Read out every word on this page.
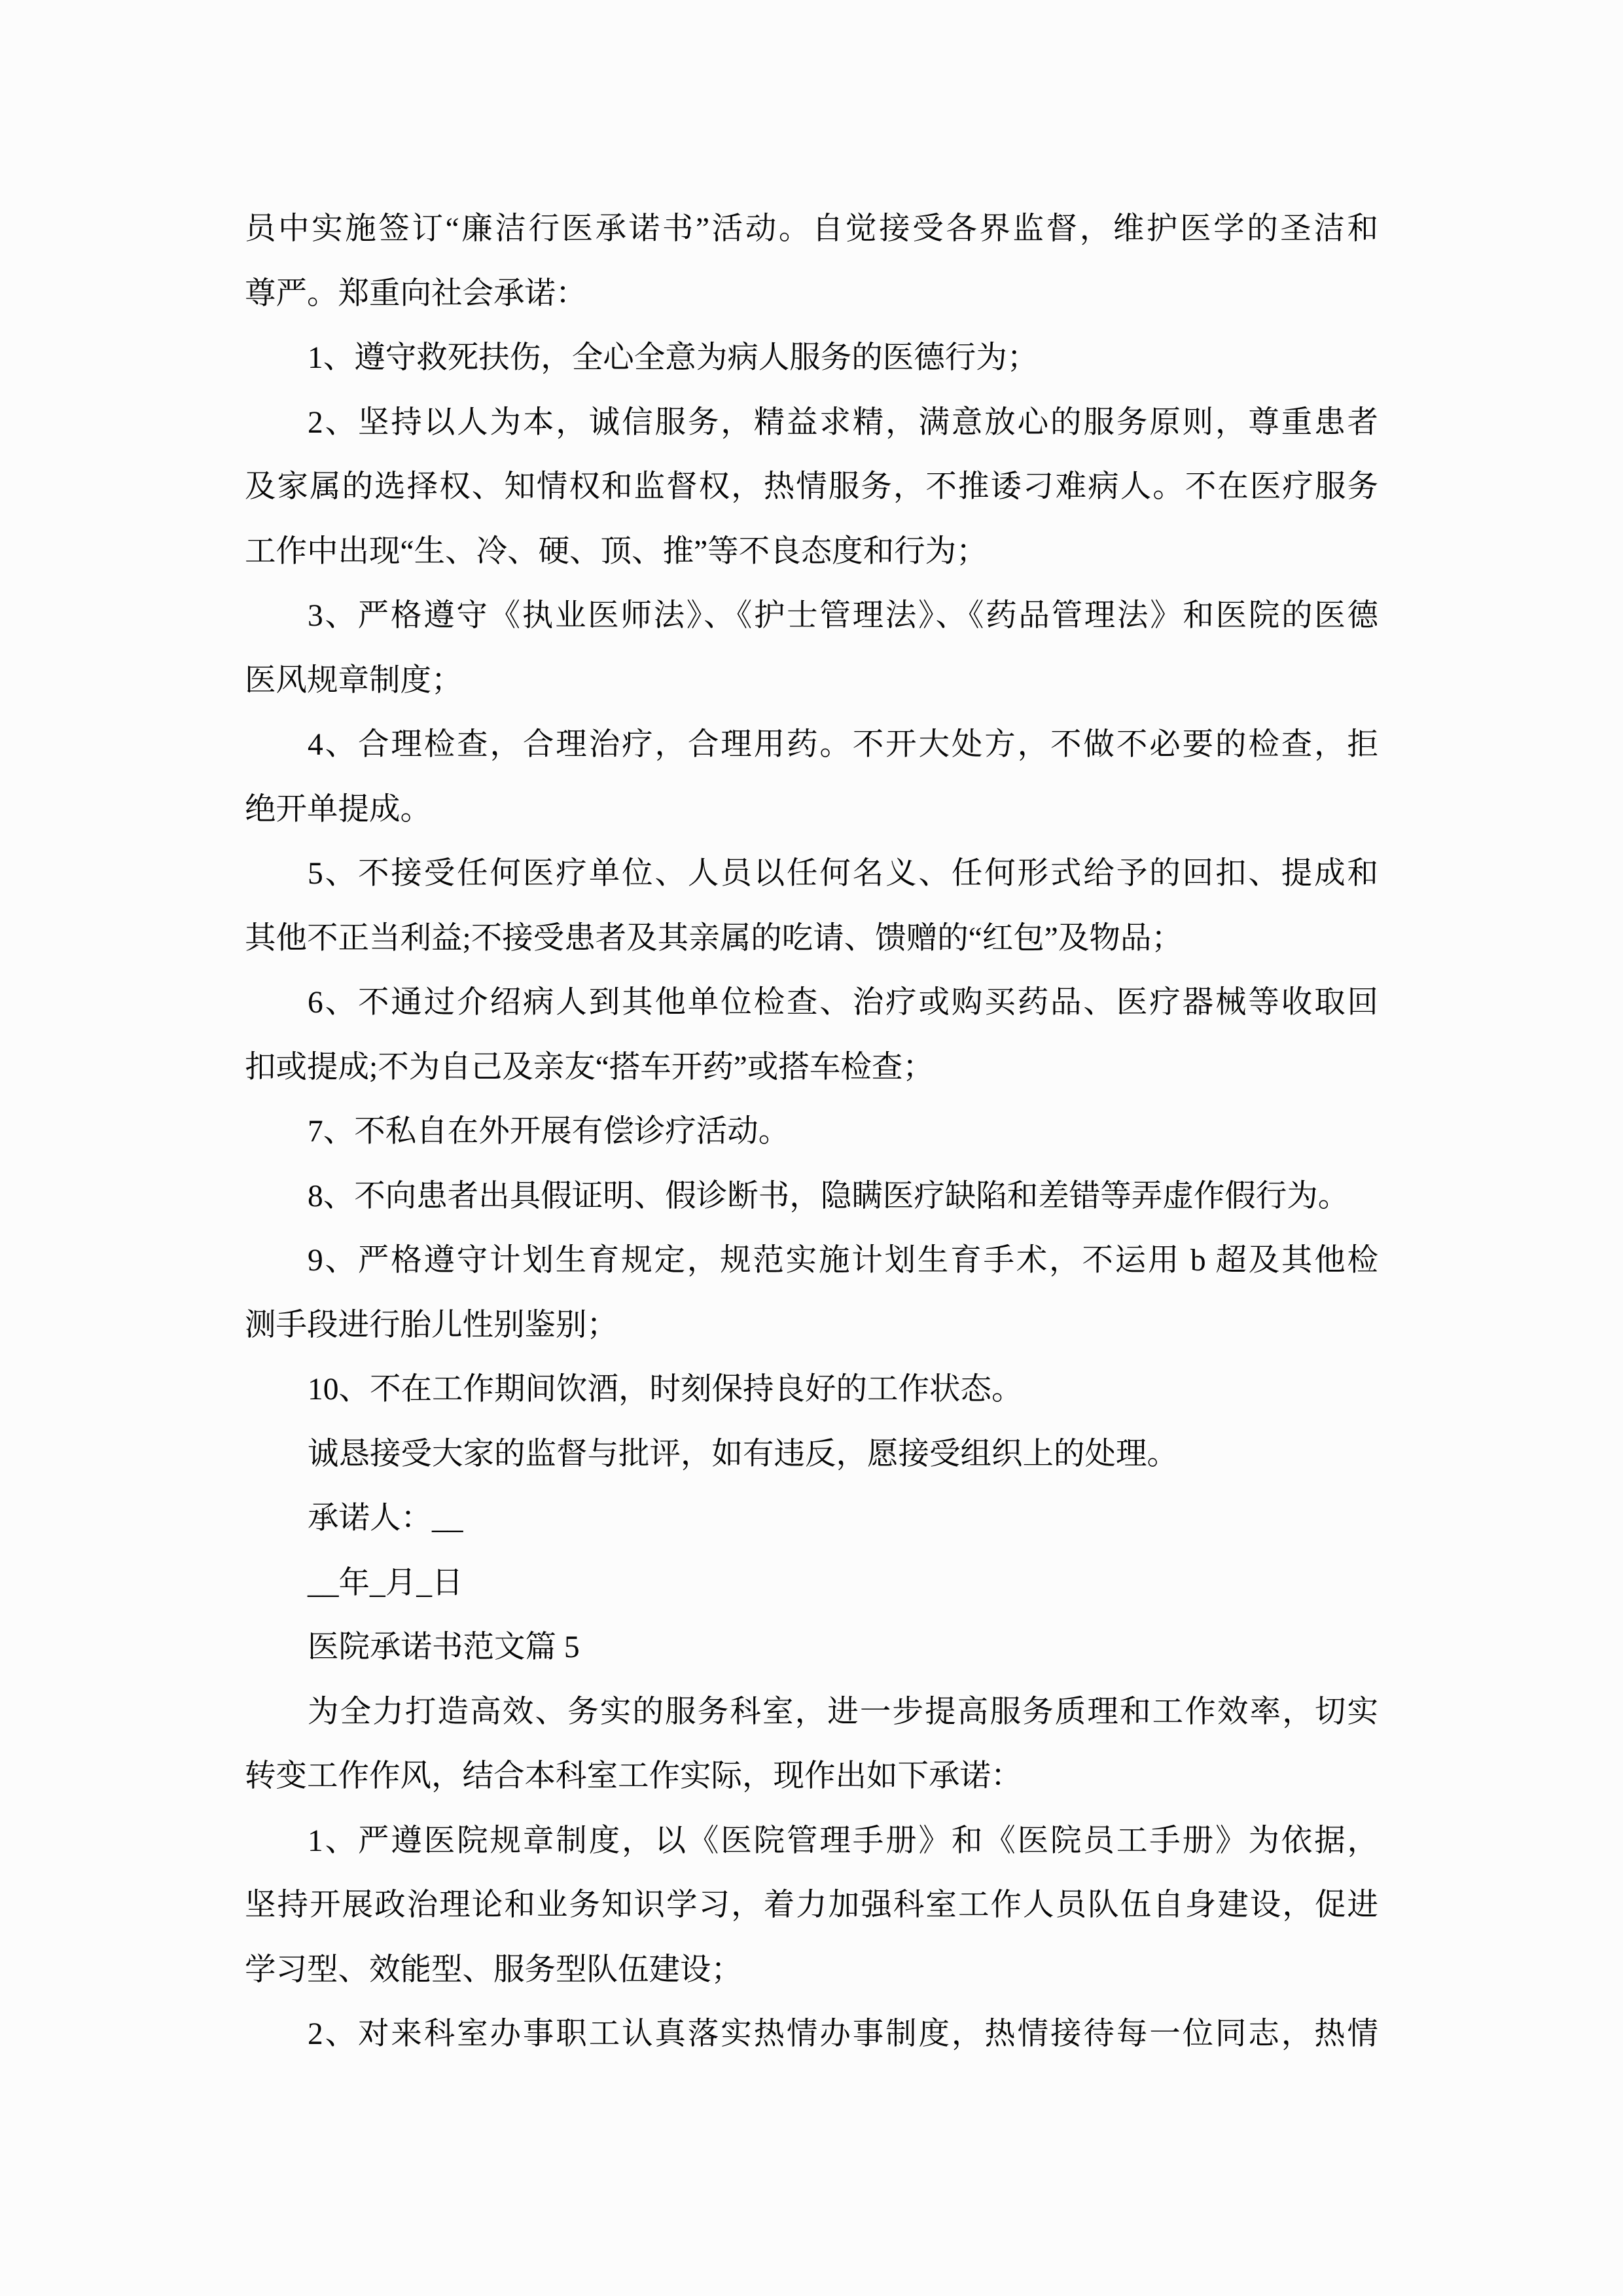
员中实施签订“廉洁行医承诺书”活动。自觉接受各界监督，维护医学的圣洁和
尊严。郑重向社会承诺：
1、遵守救死扶伤，全心全意为病人服务的医德行为；
2、坚持以人为本，诚信服务，精益求精，满意放心的服务原则，尊重患者
及家属的选择权、知情权和监督权，热情服务，不推诿刁难病人。不在医疗服务
工作中出现“生、冷、硬、顶、推”等不良态度和行为；
3、严格遵守《执业医师法》、《护士管理法》、《药品管理法》和医院的医德
医风规章制度；
4、合理检查，合理治疗，合理用药。不开大处方，不做不必要的检查，拒
绝开单提成。
5、不接受任何医疗单位、人员以任何名义、任何形式给予的回扣、提成和
其他不正当利益;不接受患者及其亲属的吃请、馈赠的“红包”及物品；
6、不通过介绍病人到其他单位检查、治疗或购买药品、医疗器械等收取回
扣或提成;不为自己及亲友“搭车开药”或搭车检查；
7、不私自在外开展有偿诊疗活动。
8、不向患者出具假证明、假诊断书，隐瞒医疗缺陷和差错等弄虚作假行为。
9、严格遵守计划生育规定，规范实施计划生育手术，不运用 b 超及其他检
测手段进行胎儿性别鉴别；
10、不在工作期间饮酒，时刻保持良好的工作状态。
诚恳接受大家的监督与批评，如有违反，愿接受组织上的处理。
承诺人：__
__年_月_日
医院承诺书范文篇 5
为全力打造高效、务实的服务科室，进一步提高服务质理和工作效率，切实
转变工作作风，结合本科室工作实际，现作出如下承诺：
1、严遵医院规章制度，以《医院管理手册》和《医院员工手册》为依据，
坚持开展政治理论和业务知识学习，着力加强科室工作人员队伍自身建设，促进
学习型、效能型、服务型队伍建设；
2、对来科室办事职工认真落实热情办事制度，热情接待每一位同志，热情
